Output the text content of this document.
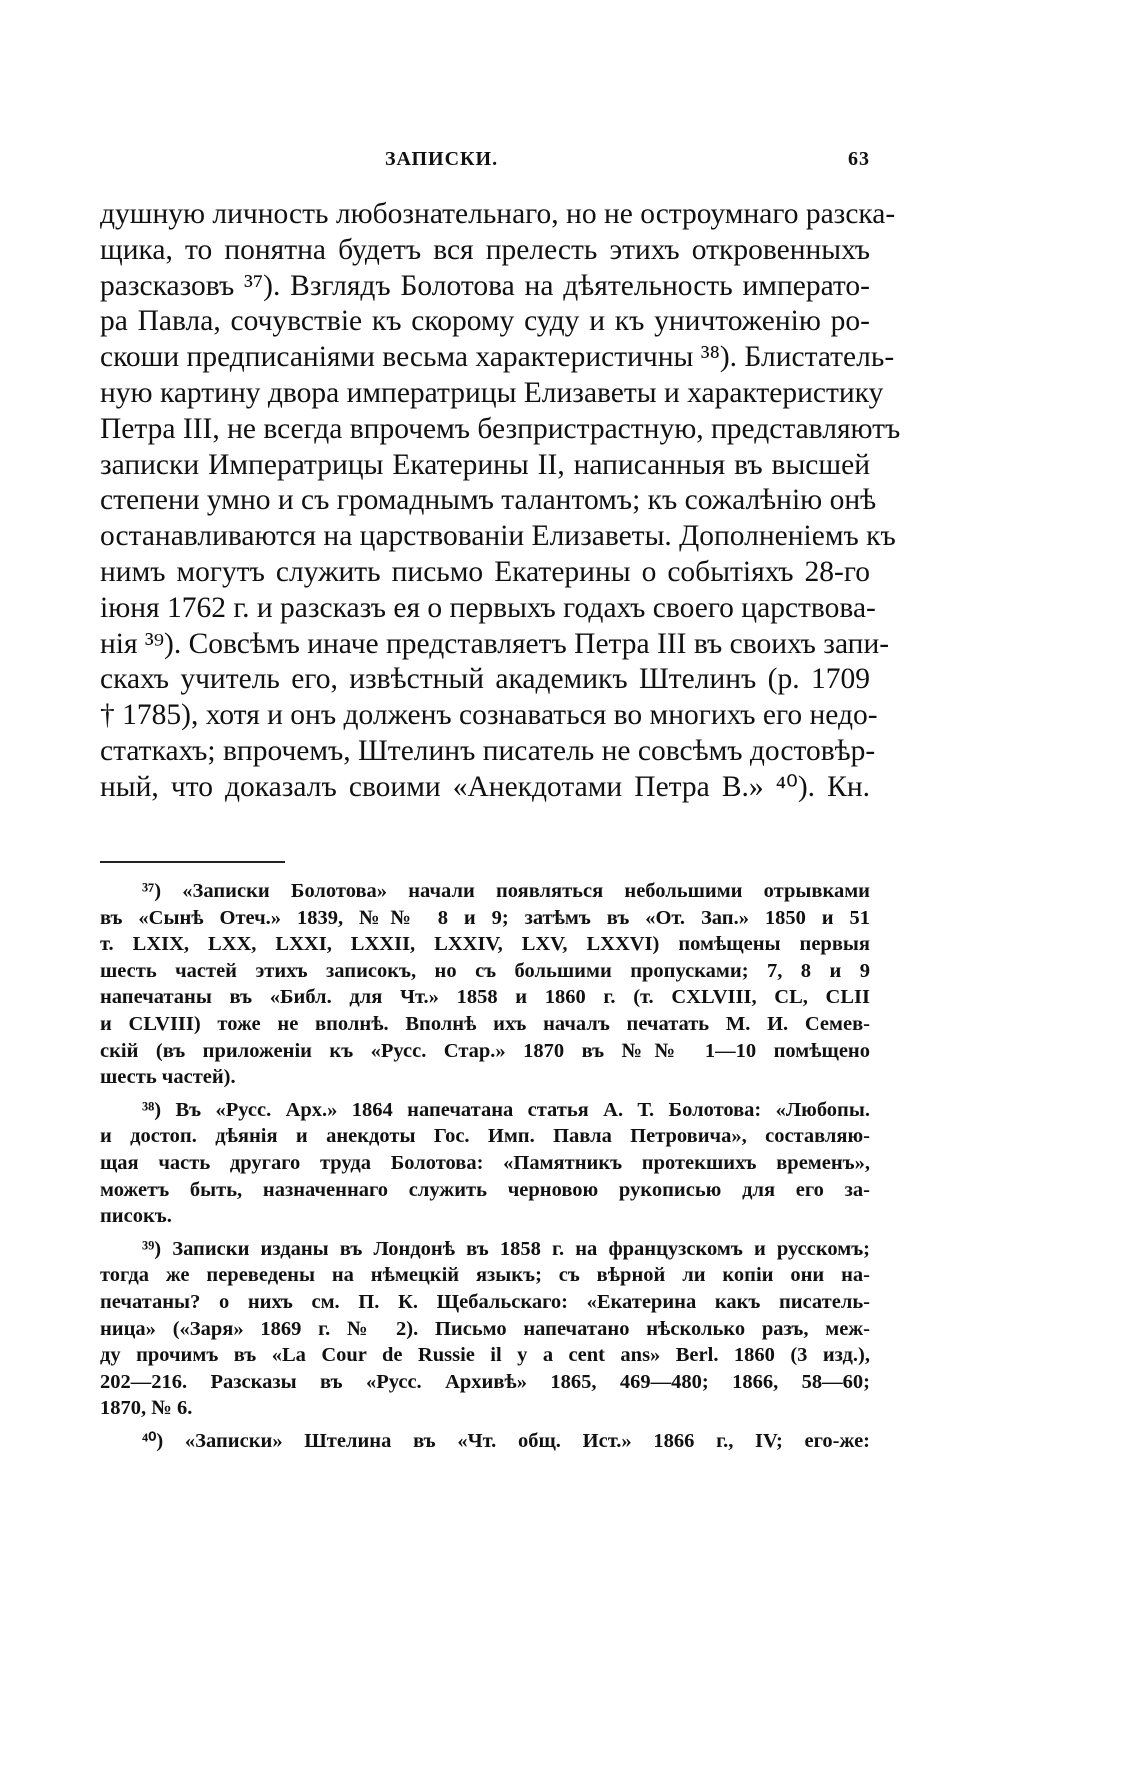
ЗАПИСКИ.	63
душную личность любознательнаго, но не остроумнаго разска-
щика, то понятна будетъ вся прелесть этихъ откровенныхъ
разсказовъ ³⁷). Взглядъ Болотова на дѣятельность императо-
ра Павла, сочувствіе къ скорому суду и къ уничтоженію ро-
скоши предписаніями весьма характеристичны ³⁸). Блистатель-
ную картину двора императрицы Елизаветы и характеристику
Петра III, не всегда впрочемъ безпристрастную, представляютъ
записки Императрицы Екатерины II, написанныя въ высшей
степени умно и съ громаднымъ талантомъ; къ сожалѣнію онѣ
останавливаются на царствованіи Елизаветы. Дополненіемъ къ
нимъ могутъ служить письмо Екатерины о событіяхъ 28-го
іюня 1762 г. и разсказъ ея о первыхъ годахъ своего царствова-
нія ³⁹). Совсѣмъ иначе представляетъ Петра III въ своихъ запи-
скахъ учитель его, извѣстный академикъ Штелинъ (р. 1709
† 1785), хотя и онъ долженъ сознаваться во многихъ его недо-
статкахъ; впрочемъ, Штелинъ писатель не совсѣмъ достовѣр-
ный, что доказалъ своими «Анекдотами Петра В.» ⁴⁰). Кн.
³⁷) «Записки Болотова» начали появляться небольшими отрывками
въ «Сынѣ Отеч.» 1839, №№ 8 и 9; затѣмъ въ «От. Зап.» 1850 и 51
т. LXIX, LXX, LXXI, LXXII, LXXIV, LXV, LXXVI) помѣщены первыя
шесть частей этихъ записокъ, но съ большими пропусками; 7, 8 и 9
напечатаны въ «Библ. для Чт.» 1858 и 1860 г. (т. CXLVIII, CL, CLII
и CLVIII) тоже не вполнѣ. Вполнѣ ихъ началъ печатать М. И. Семев-
скій (въ приложеніи къ «Русс. Стар.» 1870 въ №№ 1—10 помѣщено
шесть частей).
³⁸) Въ «Русс. Арх.» 1864 напечатана статья А. Т. Болотова: «Любопы.
и достоп. дѣянія и анекдоты Гос. Имп. Павла Петровича», составляю-
щая часть другаго труда Болотова: «Памятникъ протекшихъ временъ»,
можетъ быть, назначеннаго служить черновою рукописью для его за-
писокъ.
³⁹) Записки изданы въ Лондонѣ въ 1858 г. на французскомъ и русскомъ;
тогда же переведены на нѣмецкій языкъ; съ вѣрной ли копіи они на-
печатаны? о нихъ см. П. К. Щебальскаго: «Екатерина какъ писатель-
ница» («Заря» 1869 г. № 2). Письмо напечатано нѣсколько разъ, меж-
ду прочимъ въ «La Cour de Russie il y a cent ans» Berl. 1860 (3 изд.),
202—216. Разсказы въ «Русс. Архивѣ» 1865, 469—480; 1866, 58—60;
1870, № 6.
⁴⁰) «Записки» Штелина въ «Чт. общ. Ист.» 1866 г., IV; его-же:
